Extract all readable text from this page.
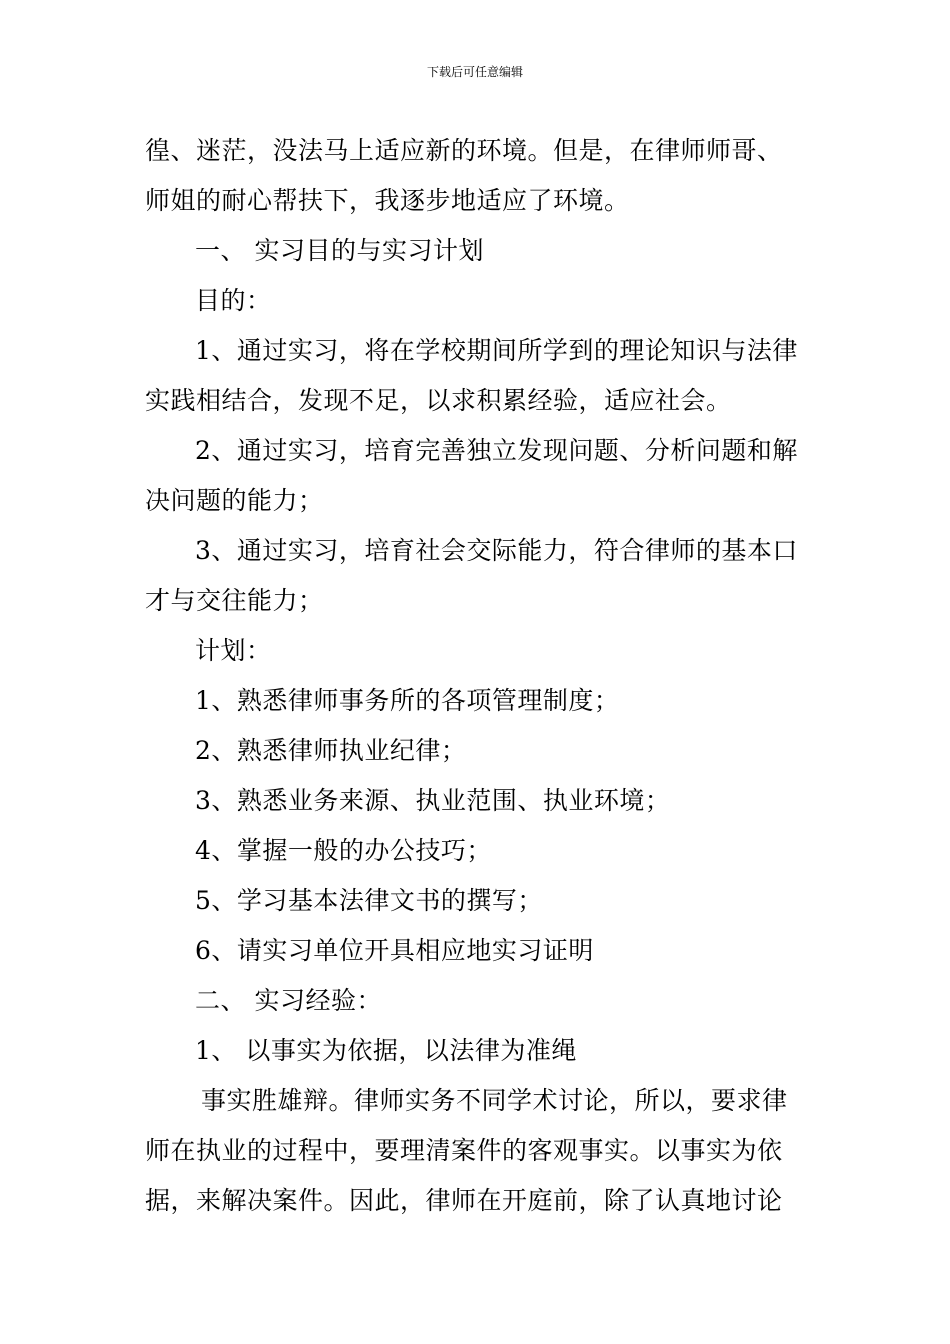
下载后可任意编辑
徨、迷茫，没法马上适应新的环境。但是，在律师师哥、
师姐的耐心帮扶下，我逐步地适应了环境。
一、 实习目的与实习计划
目的：
1、通过实习，将在学校期间所学到的理论知识与法律
实践相结合，发现不足，以求积累经验，适应社会。
2、通过实习，培育完善独立发现问题、分析问题和解
决问题的能力；
3、通过实习，培育社会交际能力，符合律师的基本口
才与交往能力；
计划：
1、熟悉律师事务所的各项管理制度；
2、熟悉律师执业纪律；
3、熟悉业务来源、执业范围、执业环境；
4、掌握一般的办公技巧；
5、学习基本法律文书的撰写；
6、请实习单位开具相应地实习证明
二、 实习经验：
1、 以事实为依据，以法律为准绳
事实胜雄辩。律师实务不同学术讨论，所以，要求律
师在执业的过程中，要理清案件的客观事实。以事实为依
据，来解决案件。因此，律师在开庭前，除了认真地讨论
